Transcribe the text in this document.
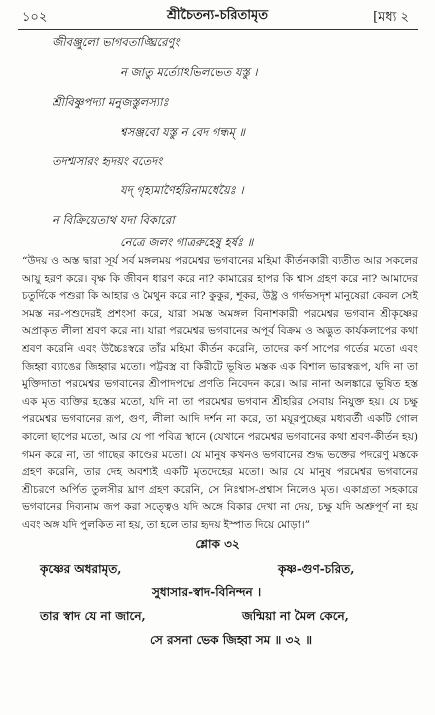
১০২	শ্রীচৈতন্য-চরিতামৃত	[মধ্য ২
জীবঞ্জুলো ভাগবতাঙ্ঘ্রিরেণুং
ন জাতু মর্ত্যোঽভিলভেত যস্তু ।
শ্রীবিষ্ণুপদ্যা মনুজস্তুলস্যাঃ
শ্বসঞ্জবো যস্তু ন বেদ গন্ধম্ ॥
তদশ্মসারং হৃদয়ং বতেদং
যদ্ গৃহ্যমাণৈর্হরিনামধেয়ৈঃ ।
ন বিক্রিয়েতাথ যদা বিকারো
নেত্রে জলং গাত্ররুহেষু হর্ষঃ ॥
“উদয় ও অস্ত দ্বারা সূর্য সর্ব মঙ্গলময় পরমেশ্বর ভগবানের মহিমা কীর্তনকারী ব্যতীত আর সকলের আয়ু হরণ করে। বৃক্ষ কি জীবন ধারণ করে না? কামারের হাপর কি শ্বাস গ্রহণ করে না? আমাদের চতুর্দিকে পশুরা কি আহার ও মৈথুন করে না? কুকুর, শূকর, উষ্ট্র ও গর্দভসদৃশ মানুষেরা কেবল সেই সমস্ত নর-পশুদেরই প্রশংসা করে, যারা সমস্ত অমঙ্গল বিনাশকারী পরমেশ্বর ভগবান শ্রীকৃষ্ণের অপ্রাকৃত লীলা শ্রবণ করে না। যারা পরমেশ্বর ভগবানের অপূর্ব বিক্রম ও অদ্ভুত কার্যকলাপের কথা শ্রবণ করেনি এবং উচ্চৈঃস্বরে তাঁর মহিমা কীর্তন করেনি, তাদের কর্ণ সাপের গর্তের মতো এবং জিহ্বা ব্যাঙের জিহ্বার মতো। পট্টবস্ত্র বা কিরীটে ভূষিত মস্তক এক বিশাল ভারস্বরূপ, যদি না তা মুক্তিদাতা পরমেশ্বর ভগবানের শ্রীপাদপদ্মে প্রণতি নিবেদন করে। আর নানা অলঙ্কারে ভূষিত হস্ত এক মৃত ব্যক্তির হস্তের মতো, যদি না তা পরমেশ্বর ভগবান শ্রীহরির সেবায় নিযুক্ত হয়। যে চক্ষু পরমেশ্বর ভগবানের রূপ, গুণ, লীলা আদি দর্শন না করে, তা ময়ূরপুচ্ছের মধ্যবর্তী একটি গোল কালো ছাপের মতো, আর যে পা পবিত্র স্থানে (যেখানে পরমেশ্বর ভগবানের কথা শ্রবণ-কীর্তন হয়) গমন করে না, তা গাছের কাণ্ডের মতো। যে মানুষ কখনও ভগবানের শুদ্ধ ভক্তের পদরেণু মস্তকে গ্রহণ করেনি, তার দেহ অবশ্যই একটি মৃতদেহের মতো। আর যে মানুষ পরমেশ্বর ভগবানের শ্রীচরণে অর্পিত তুলসীর ঘ্রাণ গ্রহণ করেনি, সে নিঃশ্বাস-প্রশ্বাস নিলেও মৃত। একাগ্রতা সহকারে ভগবানের দিব্যনাম জপ করা সত্ত্বেও যদি অঙ্গে বিকার দেখা না দেয়, চক্ষু যদি অশ্রুপূর্ণ না হয় এবং অঙ্গ যদি পুলকিত না হয়, তা হলে তার হৃদয় ইস্পাত দিয়ে মোড়া।”
শ্লোক ৩২
কৃষ্ণের অধরামৃত,	কৃষ্ণ-গুণ-চরিত,
সুধাসার-স্বাদ-বিনিন্দন ।
তার স্বাদ যে না জানে,	জন্মিয়া না মৈল কেনে,
সে রসনা ভেক জিহ্বা সম ॥ ৩২ ॥
